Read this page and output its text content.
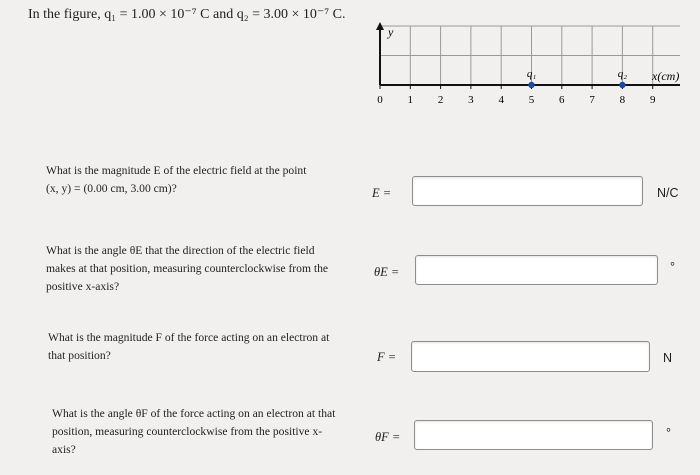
In the figure, q₁ = 1.00 × 10⁻⁷ C and q₂ = 3.00 × 10⁻⁷ C.
y
x(cm)
0 1 2 3 4 5 6 7 8 9
q₁	q₂
What is the magnitude E of the electric field at the point
(x, y) = (0.00 cm, 3.00 cm)?	E =	N/C
What is the angle θE that the direction of the electric field
makes at that position, measuring counterclockwise from the
positive x-axis?
θE =	°
What is the magnitude F of the force acting on an electron at
that position?	F =	N
What is the angle θF of the force acting on an electron at that
position, measuring counterclockwise from the positive x-
axis?
θF =	°
